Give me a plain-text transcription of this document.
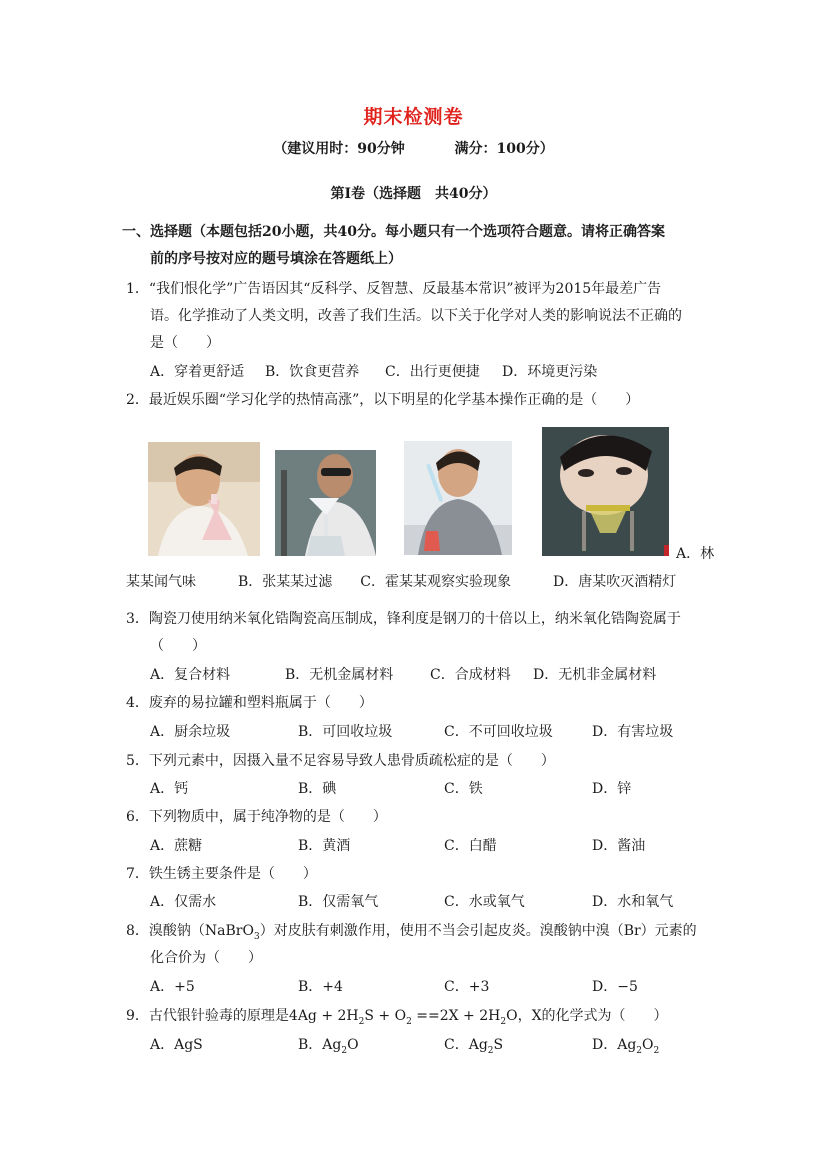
期末检测卷
（建议用时：90分钟	满分：100分）
第Ⅰ卷（选择题　共40分）
一、选择题（本题包括20小题，共40分。每小题只有一个选项符合题意。请将正确答案
前的序号按对应的题号填涂在答题纸上）
1．“我们恨化学”广告语因其“反科学、反智慧、反最基本常识”被评为2015年最差广告
语。化学推动了人类文明，改善了我们生活。以下关于化学对人类的影响说法不正确的
是（　　）
A．穿着更舒适 B．饮食更营养 C．出行更便捷 D．环境更污染
2．最近娱乐圈“学习化学的热情高涨”，以下明星的化学基本操作正确的是（　　）
A．林
某某闻气味　　　B．张某某过滤　　C．霍某某观察实验现象　　　D．唐某吹灭酒精灯
3．陶瓷刀使用纳米氧化锆陶瓷高压制成，锋利度是钢刀的十倍以上，纳米氧化锆陶瓷属于
（　　）
A．复合材料	B．无机金属材料	C．合成材料 D．无机非金属材料
4．废弃的易拉罐和塑料瓶属于（　　）
A．厨余垃圾	B．可回收垃圾	C．不可回收垃圾	D．有害垃圾
5．下列元素中，因摄入量不足容易导致人患骨质疏松症的是（　　）
A．钙	B．碘	C．铁	D．锌
6．下列物质中，属于纯净物的是（　　）
A．蔗糖	B．黄酒	C．白醋	D．酱油
7．铁生锈主要条件是（　　）
A．仅需水	B．仅需氧气	C．水或氧气	D．水和氧气
8．溴酸钠（NaBrO$_3$）对皮肤有刺激作用，使用不当会引起皮炎。溴酸钠中溴（Br）元素的
化合价为（　　）
A．+5	B．+4	C．+3	D．−5
9．古代银针验毒的原理是$4Ag + 2H_2S + O_2 ==2X + 2H_2O$，X的化学式为（　　）
A．AgS	B．$Ag_2O$	C．$Ag_2S$	D．$Ag_2O_2$
